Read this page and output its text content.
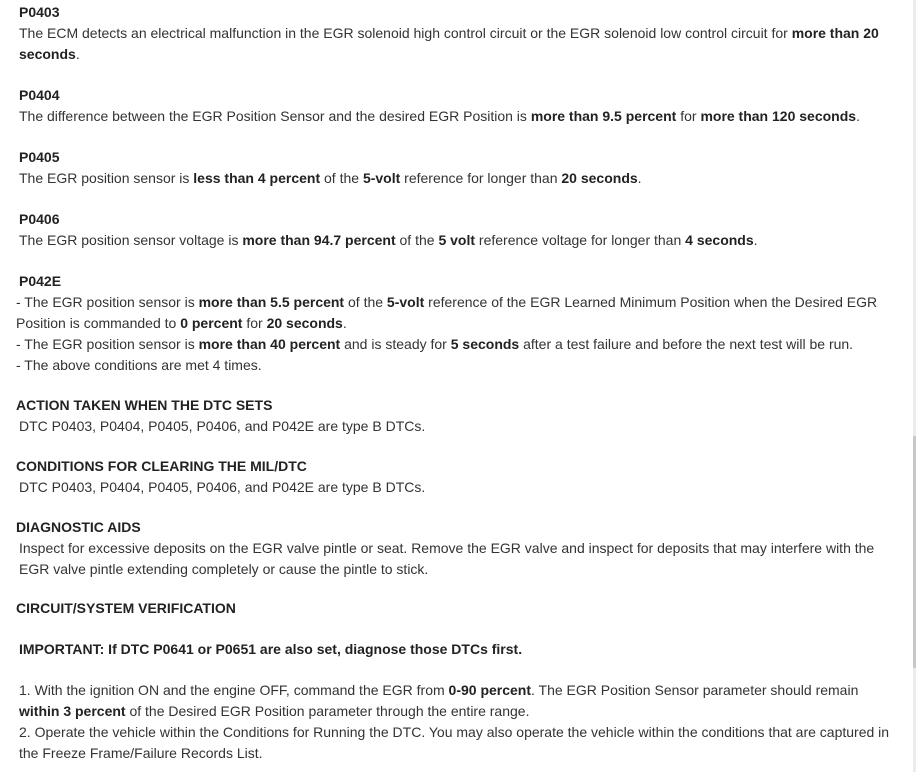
P0403
The ECM detects an electrical malfunction in the EGR solenoid high control circuit or the EGR solenoid low control circuit for more than 20 seconds.
P0404
The difference between the EGR Position Sensor and the desired EGR Position is more than 9.5 percent for more than 120 seconds.
P0405
The EGR position sensor is less than 4 percent of the 5-volt reference for longer than 20 seconds.
P0406
The EGR position sensor voltage is more than 94.7 percent of the 5 volt reference voltage for longer than 4 seconds.
P042E
- The EGR position sensor is more than 5.5 percent of the 5-volt reference of the EGR Learned Minimum Position when the Desired EGR Position is commanded to 0 percent for 20 seconds.
- The EGR position sensor is more than 40 percent and is steady for 5 seconds after a test failure and before the next test will be run.
- The above conditions are met 4 times.
ACTION TAKEN WHEN THE DTC SETS
DTC P0403, P0404, P0405, P0406, and P042E are type B DTCs.
CONDITIONS FOR CLEARING THE MIL/DTC
DTC P0403, P0404, P0405, P0406, and P042E are type B DTCs.
DIAGNOSTIC AIDS
Inspect for excessive deposits on the EGR valve pintle or seat. Remove the EGR valve and inspect for deposits that may interfere with the EGR valve pintle extending completely or cause the pintle to stick.
CIRCUIT/SYSTEM VERIFICATION
IMPORTANT: If DTC P0641 or P0651 are also set, diagnose those DTCs first.
1. With the ignition ON and the engine OFF, command the EGR from 0-90 percent. The EGR Position Sensor parameter should remain within 3 percent of the Desired EGR Position parameter through the entire range.
2. Operate the vehicle within the Conditions for Running the DTC. You may also operate the vehicle within the conditions that are captured in the Freeze Frame/Failure Records List.
